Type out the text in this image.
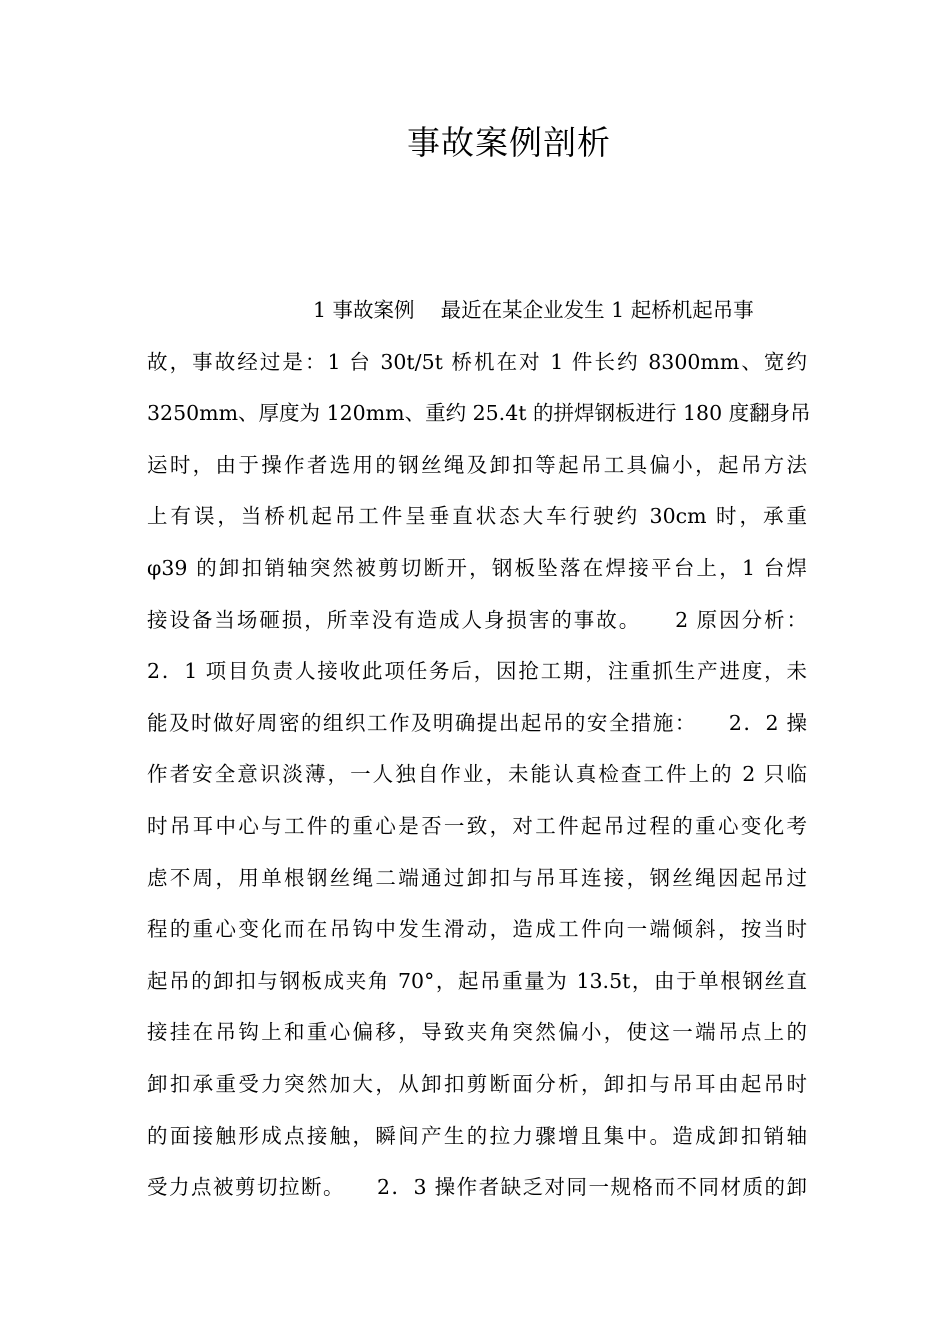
事故案例剖析
1 事故案例    最近在某企业发生 1 起桥机起吊事
故，事故经过是：1 台 30t/5t 桥机在对 1 件长约 8300mm、宽约
3250mm、厚度为 120mm、重约 25.4t 的拼焊钢板进行 180 度翻身吊
运时，由于操作者选用的钢丝绳及卸扣等起吊工具偏小，起吊方法
上有误，当桥机起吊工件呈垂直状态大车行驶约 30cm 时，承重
φ39 的卸扣销轴突然被剪切断开，钢板坠落在焊接平台上，1 台焊
接设备当场砸损，所幸没有造成人身损害的事故。    2 原因分析：
2．1 项目负责人接收此项任务后，因抢工期，注重抓生产进度，未
能及时做好周密的组织工作及明确提出起吊的安全措施：    2．2 操
作者安全意识淡薄，一人独自作业，未能认真检查工件上的 2 只临
时吊耳中心与工件的重心是否一致，对工件起吊过程的重心变化考
虑不周，用单根钢丝绳二端通过卸扣与吊耳连接，钢丝绳因起吊过
程的重心变化而在吊钩中发生滑动，造成工件向一端倾斜，按当时
起吊的卸扣与钢板成夹角 70°，起吊重量为 13.5t，由于单根钢丝直
接挂在吊钩上和重心偏移，导致夹角突然偏小，使这一端吊点上的
卸扣承重受力突然加大，从卸扣剪断面分析，卸扣与吊耳由起吊时
的面接触形成点接触，瞬间产生的拉力骤增且集中。造成卸扣销轴
受力点被剪切拉断。    2．3 操作者缺乏对同一规格而不同材质的卸
